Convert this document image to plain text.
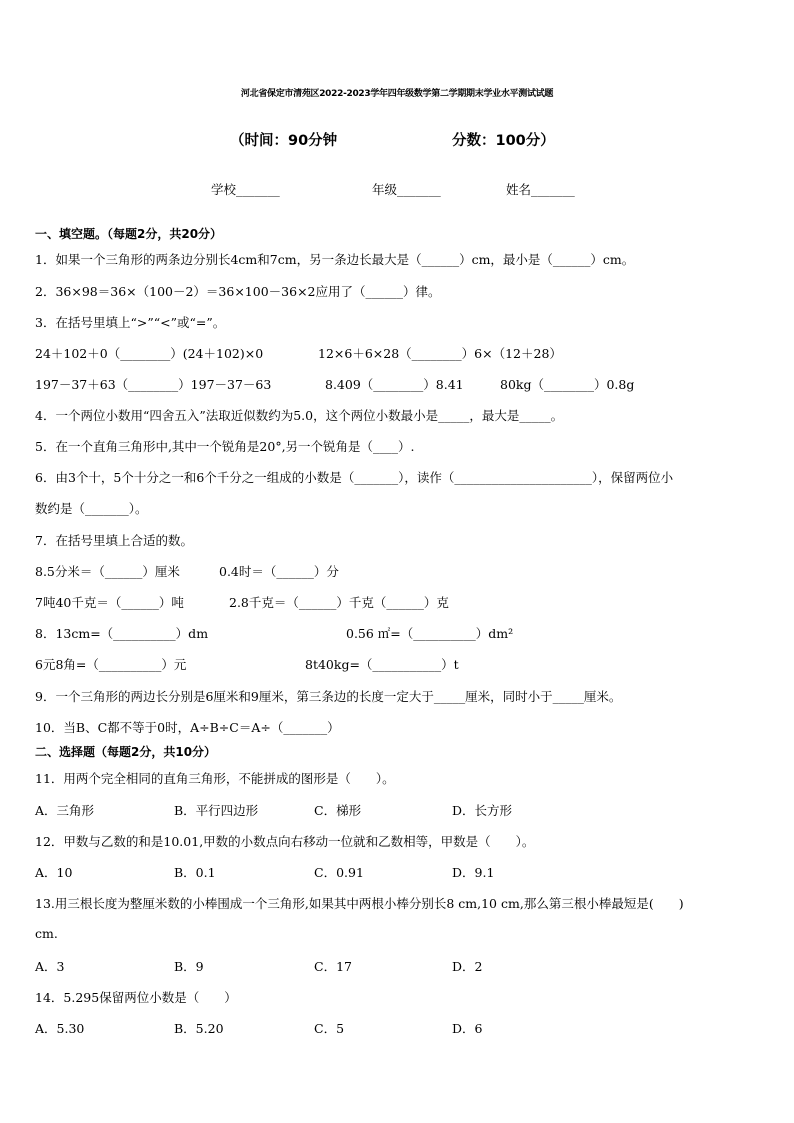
河北省保定市清苑区2022-2023学年四年级数学第二学期期末学业水平测试试题
（时间：90分钟	分数：100分）
学校_______	年级_______	姓名_______
一、填空题。（每题2分，共20分）
1．如果一个三角形的两条边分别长4cm和7cm，另一条边长最大是（______）cm，最小是（______）cm。
2．36×98＝36×（100－2）＝36×100－36×2应用了（______）律。
3．在括号里填上“>”“<”或“=”。
24＋102＋0（________）(24＋102)×0	12×6＋6×28（________）6×（12＋28）
197－37＋63（________）197－37－63	8.409（________）8.41	80kg（________）0.8g
4．一个两位小数用“四舍五入”法取近似数约为5.0，这个两位小数最小是_____，最大是_____。
5．在一个直角三角形中,其中一个锐角是20°,另一个锐角是（____）.
6．由3个十，5个十分之一和6个千分之一组成的小数是（_______），读作（______________________），保留两位小
数约是（_______）。
7．在括号里填上合适的数。
8.5分米＝（______）厘米	0.4时＝（______）分
7吨40千克＝（______）吨	2.8千克＝（______）千克（______）克
8．13cm=（__________）dm	0.56 ㎡=（__________）dm²
6元8角=（__________）元	8t40kg=（___________）t
9．一个三角形的两边长分别是6厘米和9厘米，第三条边的长度一定大于_____厘米，同时小于_____厘米。
10．当B、C都不等于0时，A÷B÷C＝A÷（_______）
二、选择题（每题2分，共10分）
11．用两个完全相同的直角三角形，不能拼成的图形是（　　）。
A．三角形	B．平行四边形	C．梯形	D．长方形
12．甲数与乙数的和是10.01,甲数的小数点向右移动一位就和乙数相等，甲数是（　　）。
A．10	B．0.1	C．0.91	D．9.1
13.用三根长度为整厘米数的小棒围成一个三角形,如果其中两根小棒分别长8 cm,10 cm,那么第三根小棒最短是(　　)
cm.
A．3	B．9	C．17	D．2
14．5.295保留两位小数是（　　）
A．5.30	B．5.20	C．5	D．6
